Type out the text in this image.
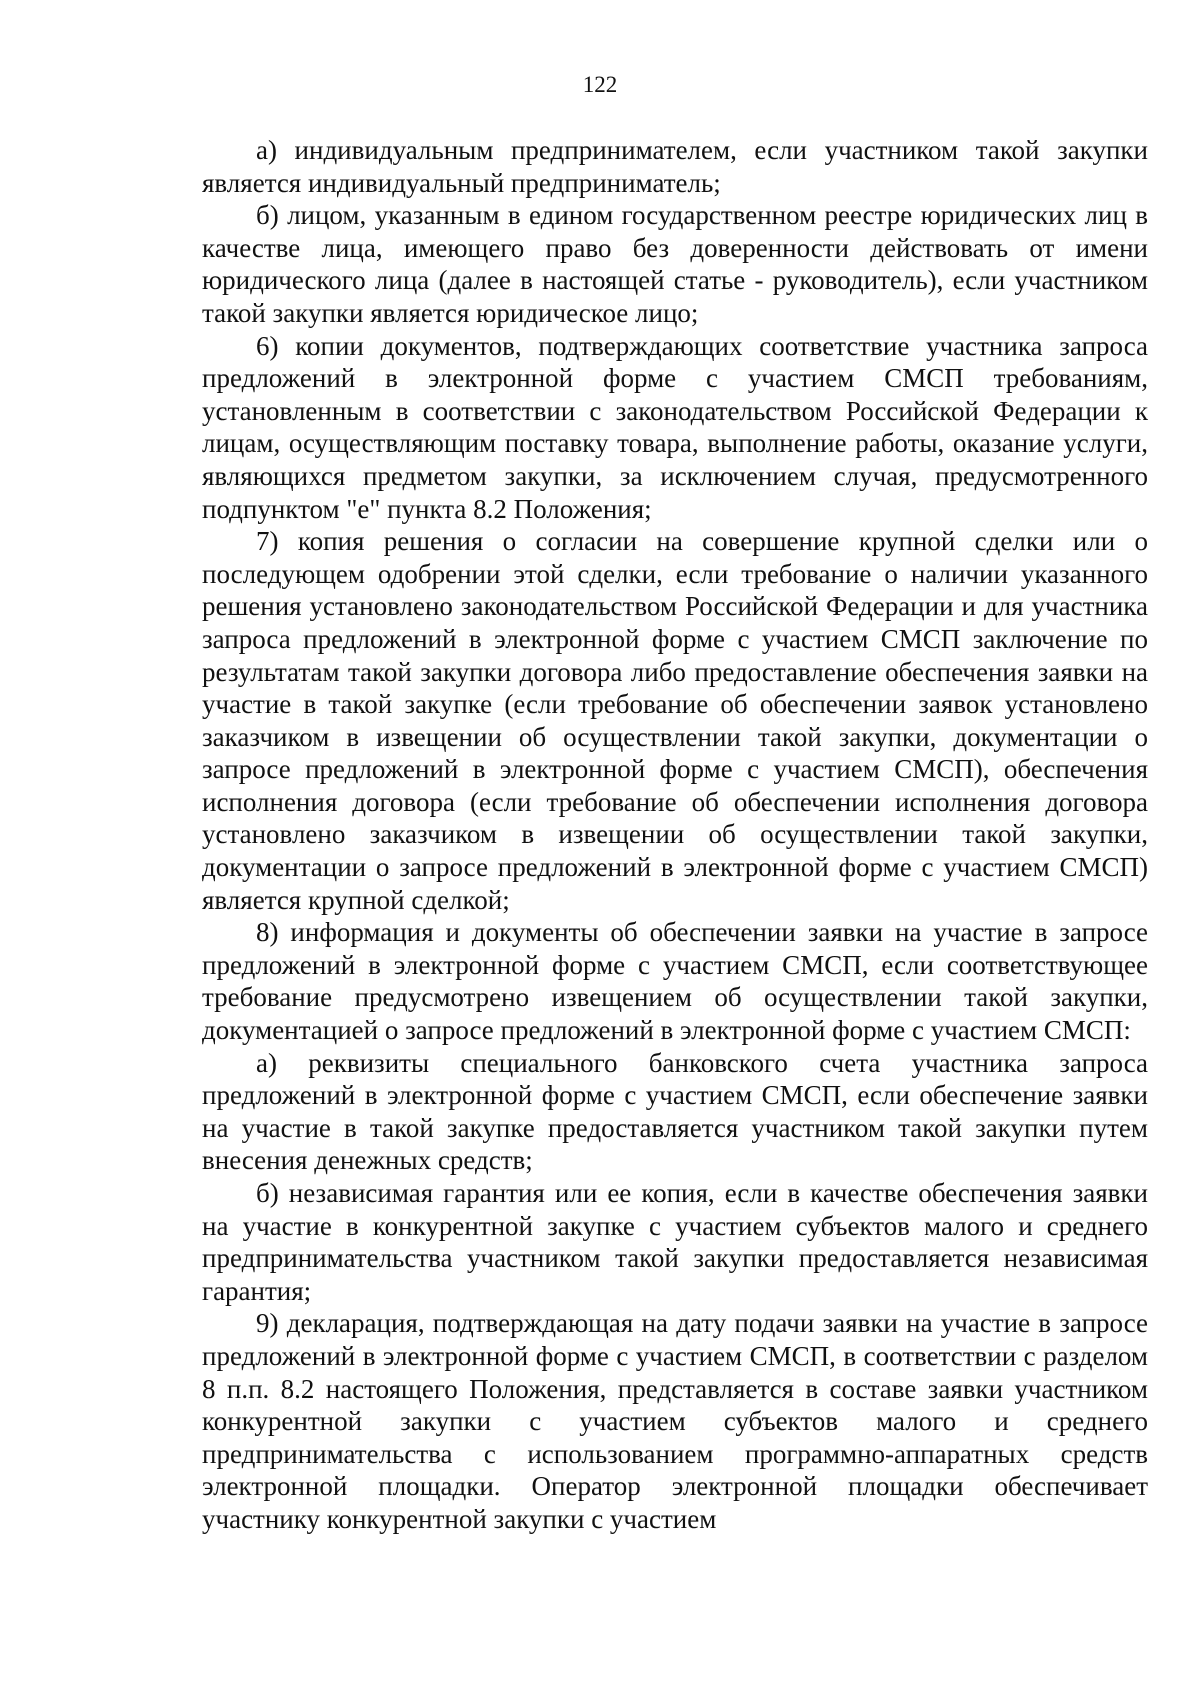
122

а) индивидуальным предпринимателем, если участником такой закупки является индивидуальный предприниматель;

б) лицом, указанным в едином государственном реестре юридических лиц в качестве лица, имеющего право без доверенности действовать от имени юридического лица (далее в настоящей статье - руководитель), если участником такой закупки является юридическое лицо;

6) копии документов, подтверждающих соответствие участника запроса предложений в электронной форме с участием СМСП требованиям, установленным в соответствии с законодательством Российской Федерации к лицам, осуществляющим поставку товара, выполнение работы, оказание услуги, являющихся предметом закупки, за исключением случая, предусмотренного подпунктом "е" пункта 8.2 Положения;

7) копия решения о согласии на совершение крупной сделки или о последующем одобрении этой сделки, если требование о наличии указанного решения установлено законодательством Российской Федерации и для участника запроса предложений в электронной форме с участием СМСП заключение по результатам такой закупки договора либо предоставление обеспечения заявки на участие в такой закупке (если требование об обеспечении заявок установлено заказчиком в извещении об осуществлении такой закупки, документации о запросе предложений в электронной форме с участием СМСП), обеспечения исполнения договора (если требование об обеспечении исполнения договора установлено заказчиком в извещении об осуществлении такой закупки, документации о запросе предложений в электронной форме с участием СМСП) является крупной сделкой;

8) информация и документы об обеспечении заявки на участие в запросе предложений в электронной форме с участием СМСП, если соответствующее требование предусмотрено извещением об осуществлении такой закупки, документацией о запросе предложений в электронной форме с участием СМСП:

а) реквизиты специального банковского счета участника запроса предложений в электронной форме с участием СМСП, если обеспечение заявки на участие в такой закупке предоставляется участником такой закупки путем внесения денежных средств;

б) независимая гарантия или ее копия, если в качестве обеспечения заявки на участие в конкурентной закупке с участием субъектов малого и среднего предпринимательства участником такой закупки предоставляется независимая гарантия;

9) декларация, подтверждающая на дату подачи заявки на участие в запросе предложений в электронной форме с участием СМСП, в соответствии с разделом 8 п.п. 8.2 настоящего Положения, представляется в составе заявки участником конкурентной закупки с участием субъектов малого и среднего предпринимательства с использованием программно-аппаратных средств электронной площадки. Оператор электронной площадки обеспечивает участнику конкурентной закупки с участием
